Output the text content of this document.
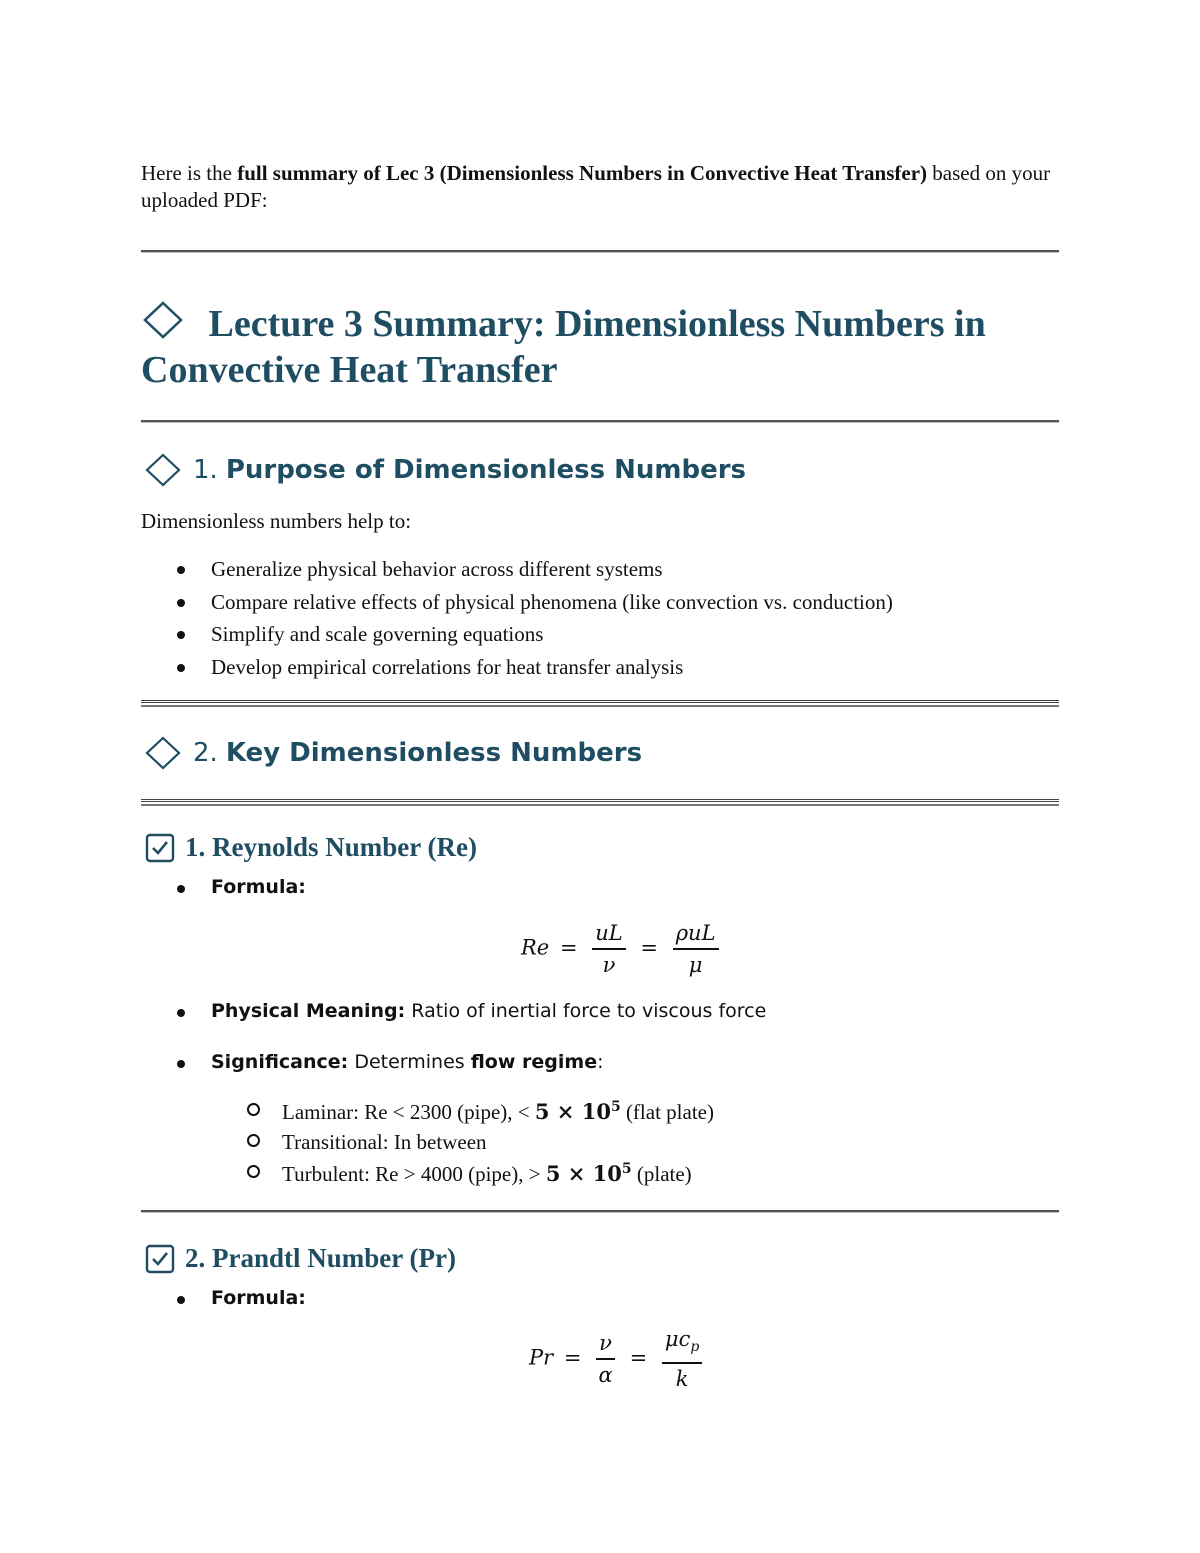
Here is the full summary of Lec 3 (Dimensionless Numbers in Convective Heat Transfer) based on your uploaded PDF:
Lecture 3 Summary: Dimensionless Numbers in
Convective Heat Transfer
1. Purpose of Dimensionless Numbers
Dimensionless numbers help to:
Generalize physical behavior across different systems
Compare relative effects of physical phenomena (like convection vs. conduction)
Simplify and scale governing equations
Develop empirical correlations for heat transfer analysis
2. Key Dimensionless Numbers
1. Reynolds Number (Re)
Formula:
$Re = \frac{uL}{\nu} = \frac{\text{ρuL}}{\mu}$
Physical Meaning: Ratio of inertial force to viscous force
Significance: Determines flow regime:
Laminar: Re < 2300 (pipe), < $5 \times 10^5$ (flat plate)
Transitional: In between
Turbulent: Re > 4000 (pipe), > $5 \times 10^5$ (plate)
2. Prandtl Number (Pr)
Formula:
$Pr = \frac{\nu}{\alpha} = \frac{\mu c_p}{k}$
